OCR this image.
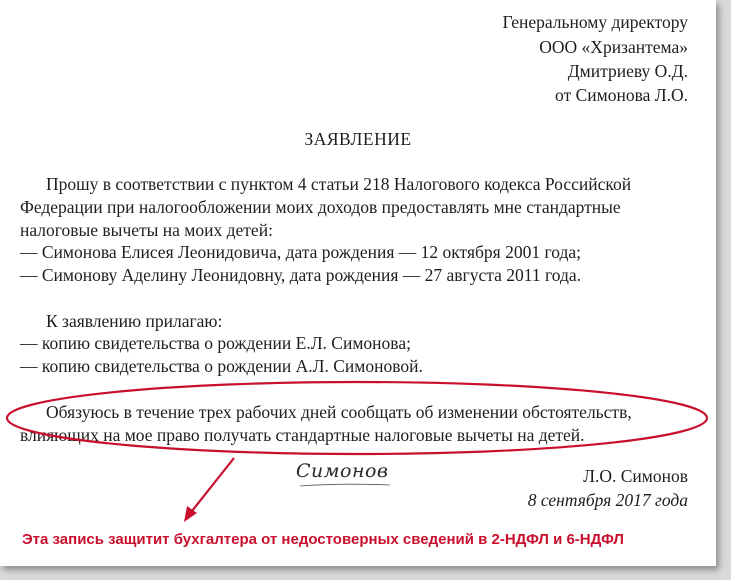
Генеральному директору

ООО «Хризантема»

Дмитриеву О.Д.

от Симонова Л.О.

ЗАЯВЛЕНИЕ

Прошу в соответствии с пунктом 4 статьи 218 Налогового кодекса Российской

Федерации при налогообложении моих доходов предоставлять мне стандартные

налоговые вычеты на моих детей:

— Симонова Елисея Леонидовича, дата рождения — 12 октября 2001 года;

— Симонову Аделину Леонидовну, дата рождения — 27 августа 2011 года.

К заявлению прилагаю:

— копию свидетельства о рождении Е.Л. Симонова;

— копию свидетельства о рождении А.Л. Симоновой.

Обязуюсь в течение трех рабочих дней сообщать об изменении обстоятельств,

влияющих на мое право получать стандартные налоговые вычеты на детей.

Симонов	Л.О. Симонов

8 сентября 2017 года

Эта запись защитит бухгалтера от недостоверных сведений в 2-НДФЛ и 6-НДФЛ
